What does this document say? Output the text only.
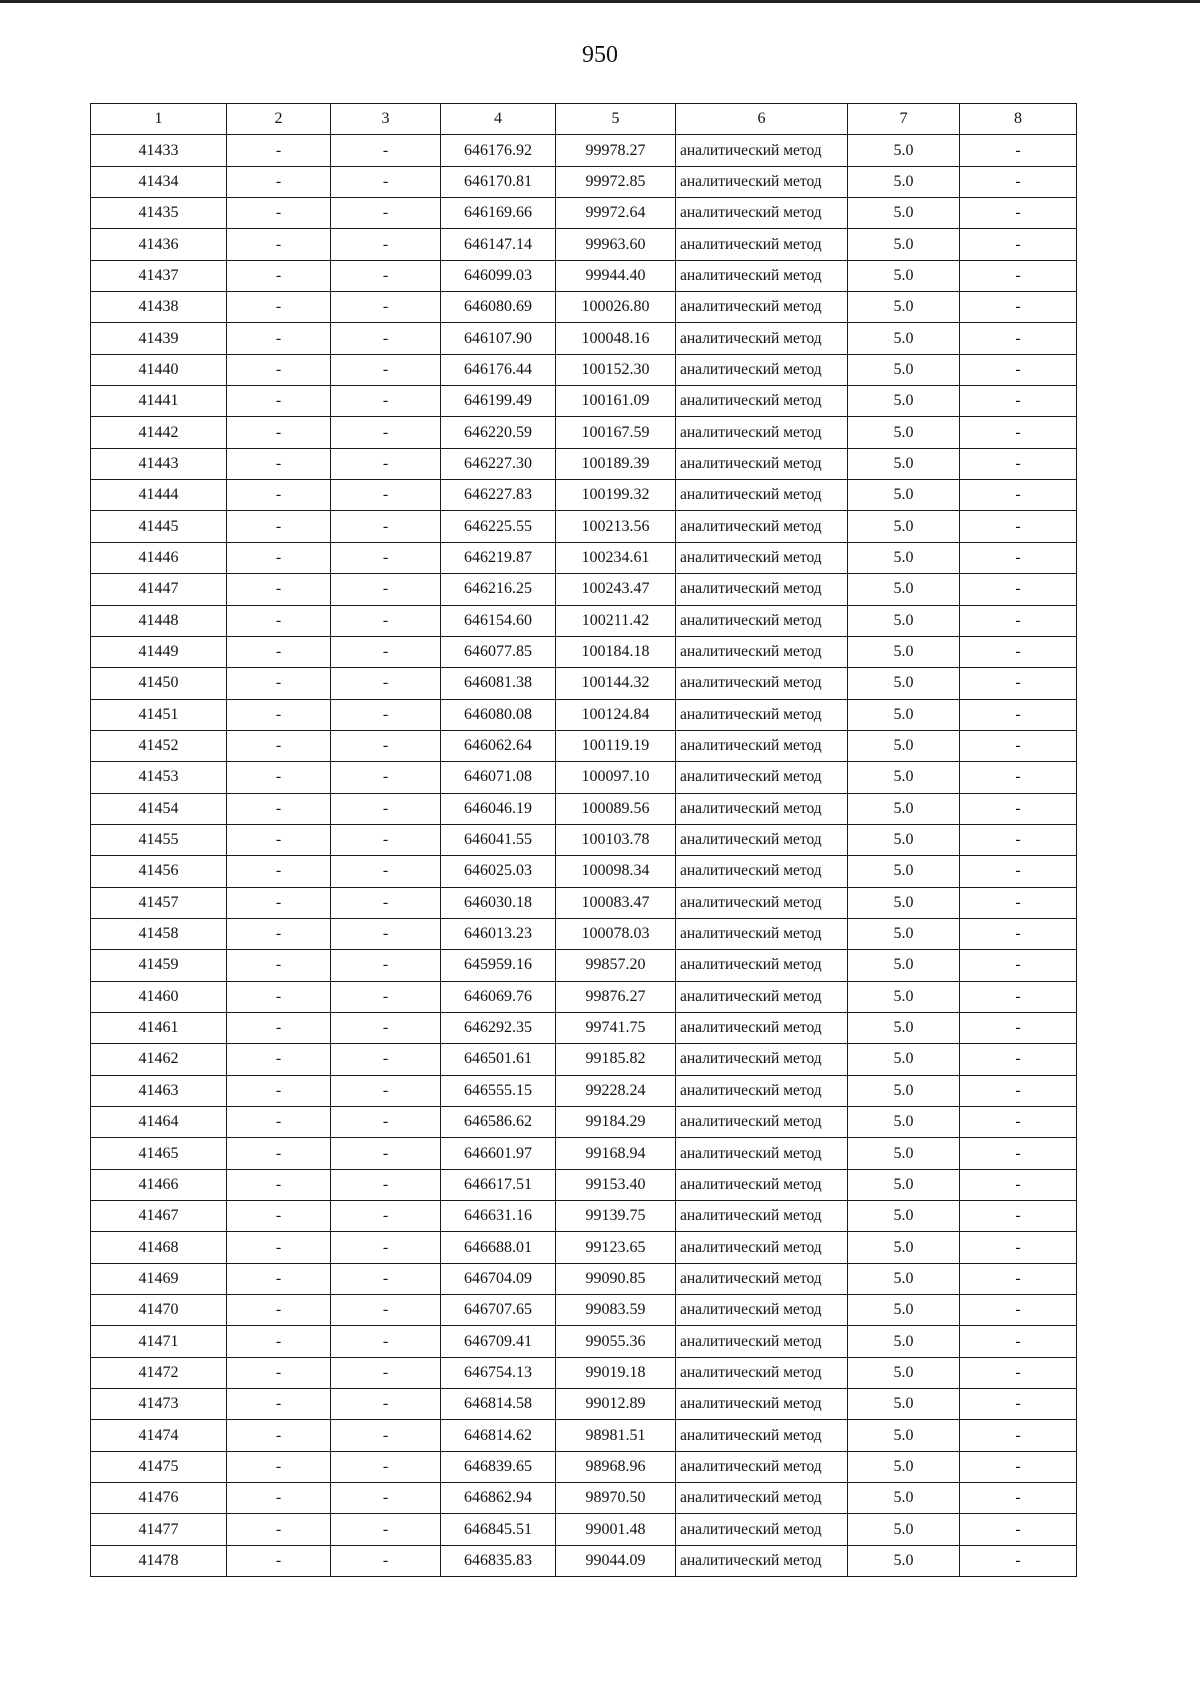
950
1	2	3	4	5	6	7	8
41433	-	-	646176.92	99978.27	аналитический метод	5.0	-
41434	-	-	646170.81	99972.85	аналитический метод	5.0	-
41435	-	-	646169.66	99972.64	аналитический метод	5.0	-
41436	-	-	646147.14	99963.60	аналитический метод	5.0	-
41437	-	-	646099.03	99944.40	аналитический метод	5.0	-
41438	-	-	646080.69	100026.80	аналитический метод	5.0	-
41439	-	-	646107.90	100048.16	аналитический метод	5.0	-
41440	-	-	646176.44	100152.30	аналитический метод	5.0	-
41441	-	-	646199.49	100161.09	аналитический метод	5.0	-
41442	-	-	646220.59	100167.59	аналитический метод	5.0	-
41443	-	-	646227.30	100189.39	аналитический метод	5.0	-
41444	-	-	646227.83	100199.32	аналитический метод	5.0	-
41445	-	-	646225.55	100213.56	аналитический метод	5.0	-
41446	-	-	646219.87	100234.61	аналитический метод	5.0	-
41447	-	-	646216.25	100243.47	аналитический метод	5.0	-
41448	-	-	646154.60	100211.42	аналитический метод	5.0	-
41449	-	-	646077.85	100184.18	аналитический метод	5.0	-
41450	-	-	646081.38	100144.32	аналитический метод	5.0	-
41451	-	-	646080.08	100124.84	аналитический метод	5.0	-
41452	-	-	646062.64	100119.19	аналитический метод	5.0	-
41453	-	-	646071.08	100097.10	аналитический метод	5.0	-
41454	-	-	646046.19	100089.56	аналитический метод	5.0	-
41455	-	-	646041.55	100103.78	аналитический метод	5.0	-
41456	-	-	646025.03	100098.34	аналитический метод	5.0	-
41457	-	-	646030.18	100083.47	аналитический метод	5.0	-
41458	-	-	646013.23	100078.03	аналитический метод	5.0	-
41459	-	-	645959.16	99857.20	аналитический метод	5.0	-
41460	-	-	646069.76	99876.27	аналитический метод	5.0	-
41461	-	-	646292.35	99741.75	аналитический метод	5.0	-
41462	-	-	646501.61	99185.82	аналитический метод	5.0	-
41463	-	-	646555.15	99228.24	аналитический метод	5.0	-
41464	-	-	646586.62	99184.29	аналитический метод	5.0	-
41465	-	-	646601.97	99168.94	аналитический метод	5.0	-
41466	-	-	646617.51	99153.40	аналитический метод	5.0	-
41467	-	-	646631.16	99139.75	аналитический метод	5.0	-
41468	-	-	646688.01	99123.65	аналитический метод	5.0	-
41469	-	-	646704.09	99090.85	аналитический метод	5.0	-
41470	-	-	646707.65	99083.59	аналитический метод	5.0	-
41471	-	-	646709.41	99055.36	аналитический метод	5.0	-
41472	-	-	646754.13	99019.18	аналитический метод	5.0	-
41473	-	-	646814.58	99012.89	аналитический метод	5.0	-
41474	-	-	646814.62	98981.51	аналитический метод	5.0	-
41475	-	-	646839.65	98968.96	аналитический метод	5.0	-
41476	-	-	646862.94	98970.50	аналитический метод	5.0	-
41477	-	-	646845.51	99001.48	аналитический метод	5.0	-
41478	-	-	646835.83	99044.09	аналитический метод	5.0	-
